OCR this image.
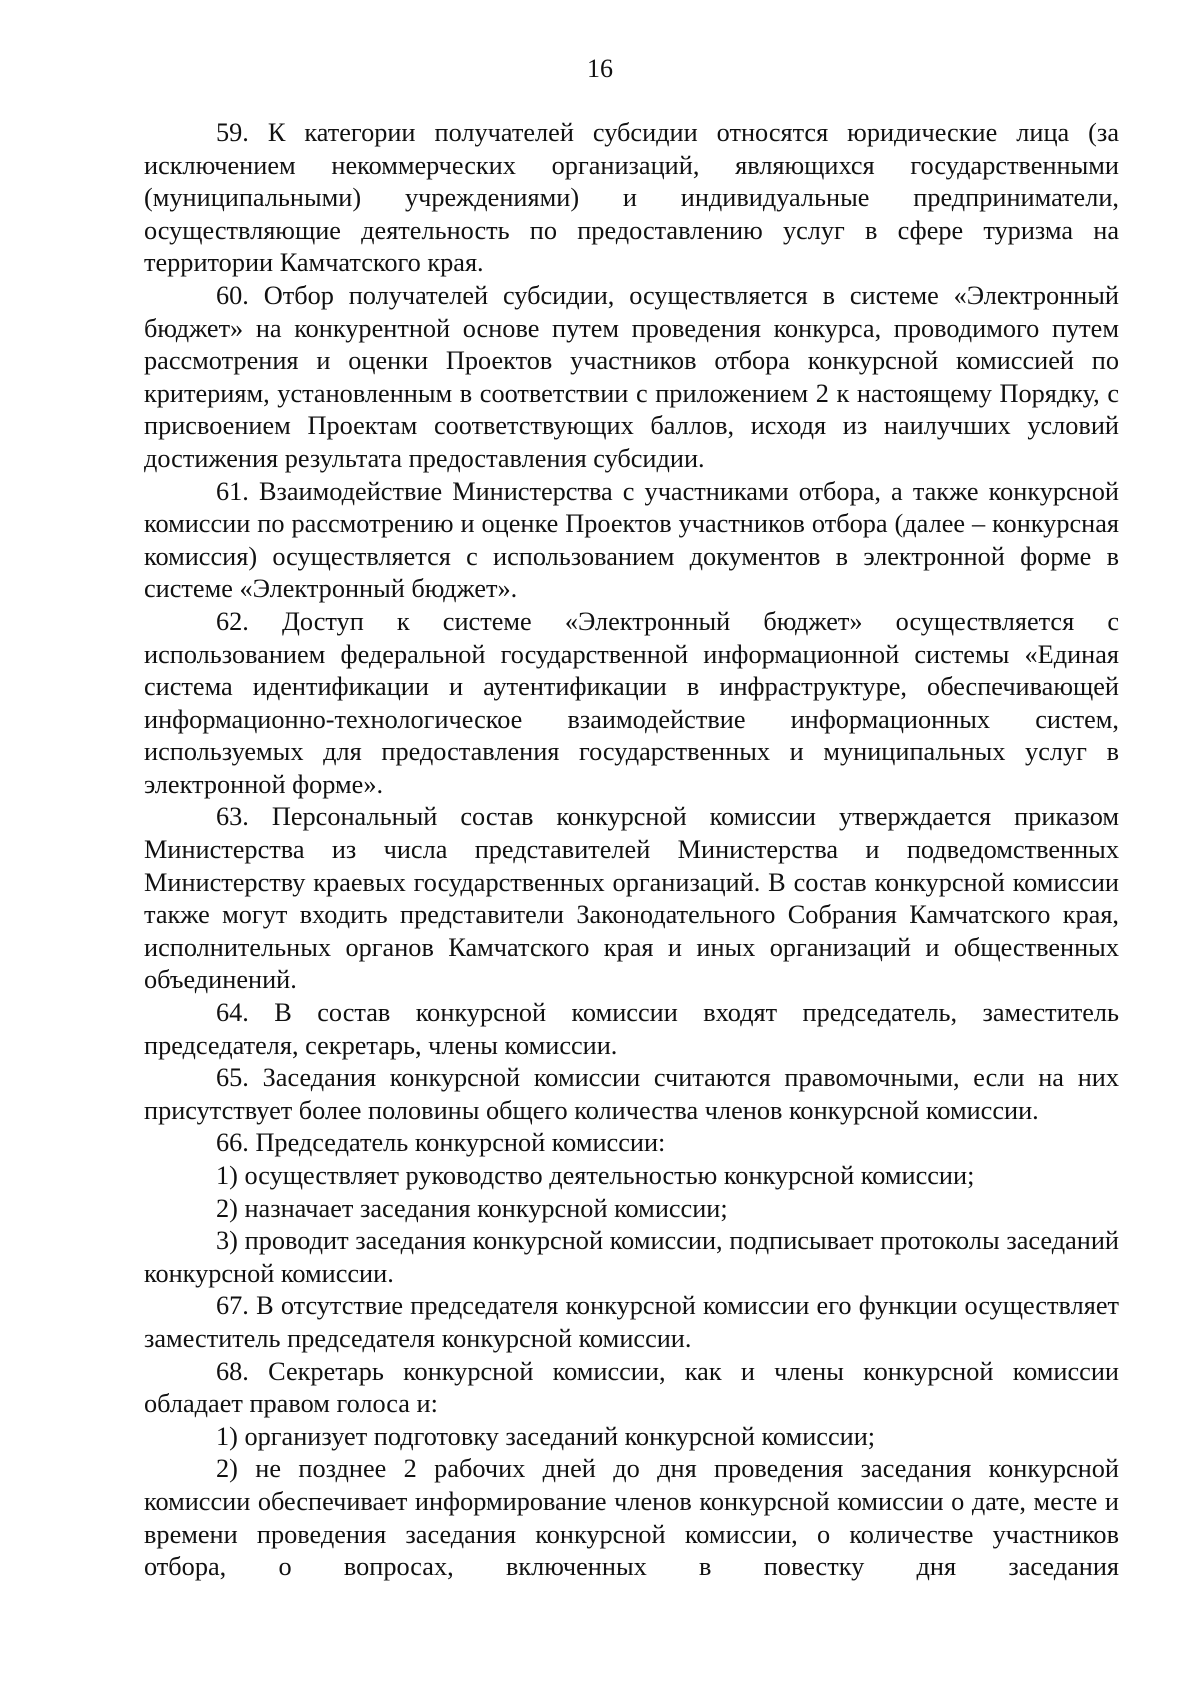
16

59. К категории получателей субсидии относятся юридические лица (за исключением некоммерческих организаций, являющихся государственными (муниципальными) учреждениями) и индивидуальные предприниматели, осуществляющие деятельность по предоставлению услуг в сфере туризма на территории Камчатского края.

60. Отбор получателей субсидии, осуществляется в системе «Электронный бюджет» на конкурентной основе путем проведения конкурса, проводимого путем рассмотрения и оценки Проектов участников отбора конкурсной комиссией по критериям, установленным в соответствии с приложением 2 к настоящему Порядку, с присвоением Проектам соответствующих баллов, исходя из наилучших условий достижения результата предоставления субсидии.

61. Взаимодействие Министерства с участниками отбора, а также конкурсной комиссии по рассмотрению и оценке Проектов участников отбора (далее – конкурсная комиссия) осуществляется с использованием документов в электронной форме в системе «Электронный бюджет».

62. Доступ к системе «Электронный бюджет» осуществляется с использованием федеральной государственной информационной системы «Единая система идентификации и аутентификации в инфраструктуре, обеспечивающей информационно-технологическое взаимодействие информационных систем, используемых для предоставления государственных и муниципальных услуг в электронной форме».

63. Персональный состав конкурсной комиссии утверждается приказом Министерства из числа представителей Министерства и подведомственных Министерству краевых государственных организаций. В состав конкурсной комиссии также могут входить представители Законодательного Собрания Камчатского края, исполнительных органов Камчатского края и иных организаций и общественных объединений.

64. В состав конкурсной комиссии входят председатель, заместитель председателя, секретарь, члены комиссии.

65. Заседания конкурсной комиссии считаются правомочными, если на них присутствует более половины общего количества членов конкурсной комиссии.

66. Председатель конкурсной комиссии:

1) осуществляет руководство деятельностью конкурсной комиссии;

2) назначает заседания конкурсной комиссии;

3) проводит заседания конкурсной комиссии, подписывает протоколы заседаний конкурсной комиссии.

67. В отсутствие председателя конкурсной комиссии его функции осуществляет заместитель председателя конкурсной комиссии.

68. Секретарь конкурсной комиссии, как и члены конкурсной комиссии обладает правом голоса и:

1) организует подготовку заседаний конкурсной комиссии;

2) не позднее 2 рабочих дней до дня проведения заседания конкурсной комиссии обеспечивает информирование членов конкурсной комиссии о дате, месте и времени проведения заседания конкурсной комиссии, о количестве участников отбора, о вопросах, включенных в повестку дня заседания
